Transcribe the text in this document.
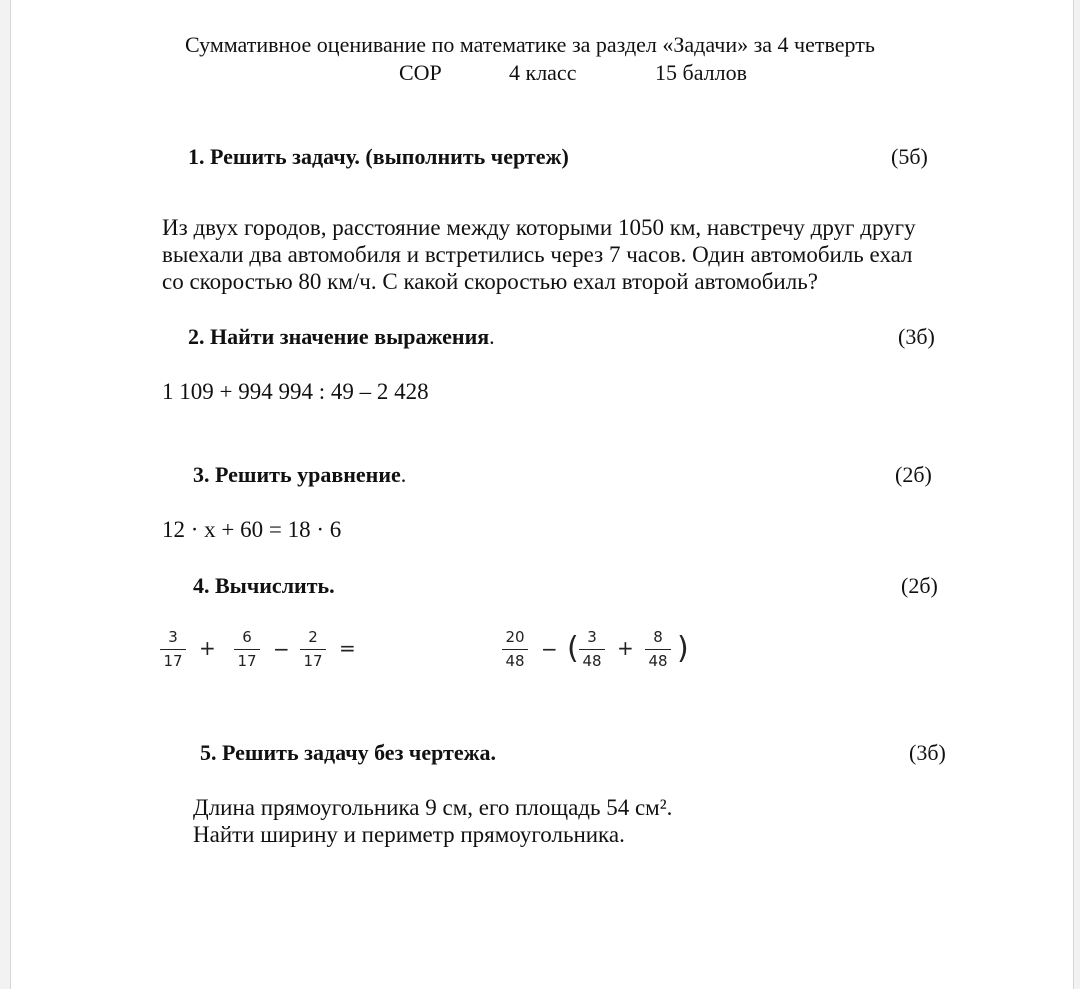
Суммативное оценивание по математике за раздел «Задачи» за 4 четверть
СОР	4 класс	15 баллов
1. Решить задачу. (выполнить чертеж)	(5б)
Из двух городов, расстояние между которыми 1050 км, навстречу друг другу
выехали два автомобиля и встретились через 7 часов. Один автомобиль ехал
со скоростью 80 км/ч. С какой скоростью ехал второй автомобиль?
2. Найти значение выражения.	(3б)
1 109 + 994 994 : 49 – 2 428
3. Решить уравнение.	(2б)
12 · x + 60 = 18 · 6
4. Вычислить.	(2б)
3
17
+ 6
17 − 2
17
=	20
48 − ( 3
48
+ 8
48 )
5. Решить задачу без чертежа.	(3б)
Длина прямоугольника 9 см, его площадь 54 см².
Найти ширину и периметр прямоугольника.
